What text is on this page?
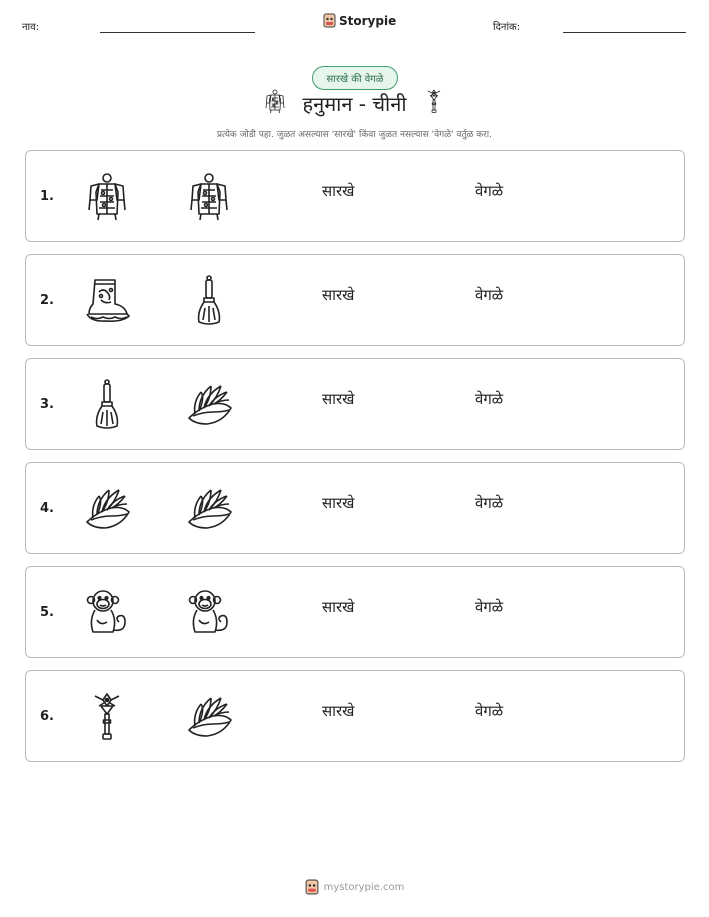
नाव:	Storypie	दिनांक:
सारखे की वेगळे
हनुमान - चीनी
प्रत्येक जोडी पहा. जुळत असल्यास 'सारखे' किंवा जुळत नसल्यास 'वेगळे' वर्तुळ करा.
1.	सारखे	वेगळे
2.	सारखे	वेगळे
3.	सारखे	वेगळे
4.	सारखे	वेगळे
5.	सारखे	वेगळे
6.	सारखे	वेगळे
mystorypie.com
